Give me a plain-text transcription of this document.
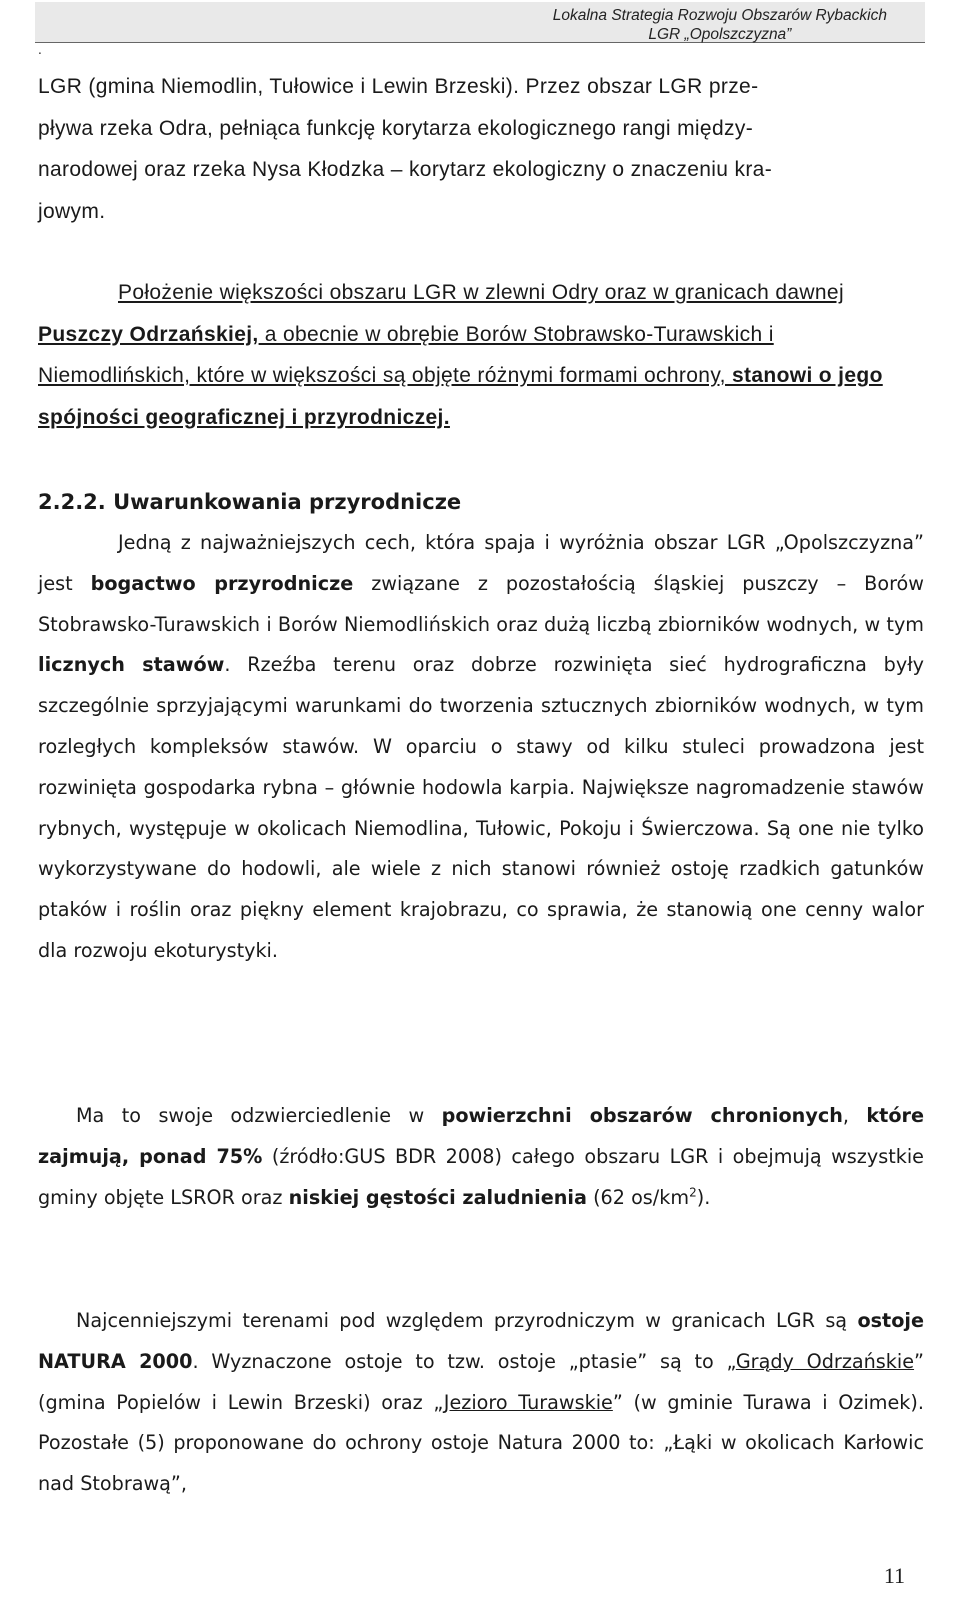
Lokalna Strategia Rozwoju Obszarów Rybackich
LGR „Opolszczyzna”
.
LGR (gmina Niemodlin, Tułowice i Lewin Brzeski). Przez obszar LGR prze-
pływa rzeka Odra, pełniąca funkcję korytarza ekologicznego rangi między-
narodowej oraz rzeka Nysa Kłodzka – korytarz ekologiczny o znaczeniu kra-
jowym.

Położenie większości obszaru LGR w zlewni Odry oraz w granicach dawnej Puszczy Odrzańskiej, a obecnie w obrębie Borów Stobrawsko-Turawskich i Niemodlińskich, które w większości są objęte różnymi formami ochrony, stanowi o jego spójności geograficznej i przyrodniczej.

2.2.2. Uwarunkowania przyrodnicze

Jedną z najważniejszych cech, która spaja i wyróżnia obszar LGR „Opolszczyzna” jest bogactwo przyrodnicze związane z pozostałością śląskiej puszczy – Borów Stobrawsko-Turawskich i Borów Niemodlińskich oraz dużą liczbą zbiorników wodnych, w tym licznych stawów. Rzeźba terenu oraz dobrze rozwinięta sieć hydrograficzna były szczególnie sprzyjającymi warunkami do tworzenia sztucznych zbiorników wodnych, w tym rozległych kompleksów stawów. W oparciu o stawy od kilku stuleci prowadzona jest rozwinięta gospodarka rybna – głównie hodowla karpia. Największe nagromadzenie stawów rybnych, występuje w okolicach Niemodlina, Tułowic, Pokoju i Świerczowa. Są one nie tylko wykorzystywane do hodowli, ale wiele z nich stanowi również ostoję rzadkich gatunków ptaków i roślin oraz piękny element krajobrazu, co sprawia, że stanowią one cenny walor dla rozwoju ekoturystyki.

Ma to swoje odzwierciedlenie w powierzchni obszarów chronionych, które zajmują, ponad 75% (źródło:GUS BDR 2008) całego obszaru LGR i obejmują wszystkie gminy objęte LSROR oraz niskiej gęstości zaludnienia (62 $os/km^2$).

Najcenniejszymi terenami pod względem przyrodniczym w granicach LGR są ostoje NATURA 2000. Wyznaczone ostoje to tzw. ostoje „ptasie” są to „Grądy Odrzańskie” (gmina Popielów i Lewin Brzeski) oraz „Jezioro Turawskie” (w gminie Turawa i Ozimek). Pozostałe (5) proponowane do ochrony ostoje Natura 2000 to: „Łąki w okolicach Karłowic nad Stobrawą”,

11
